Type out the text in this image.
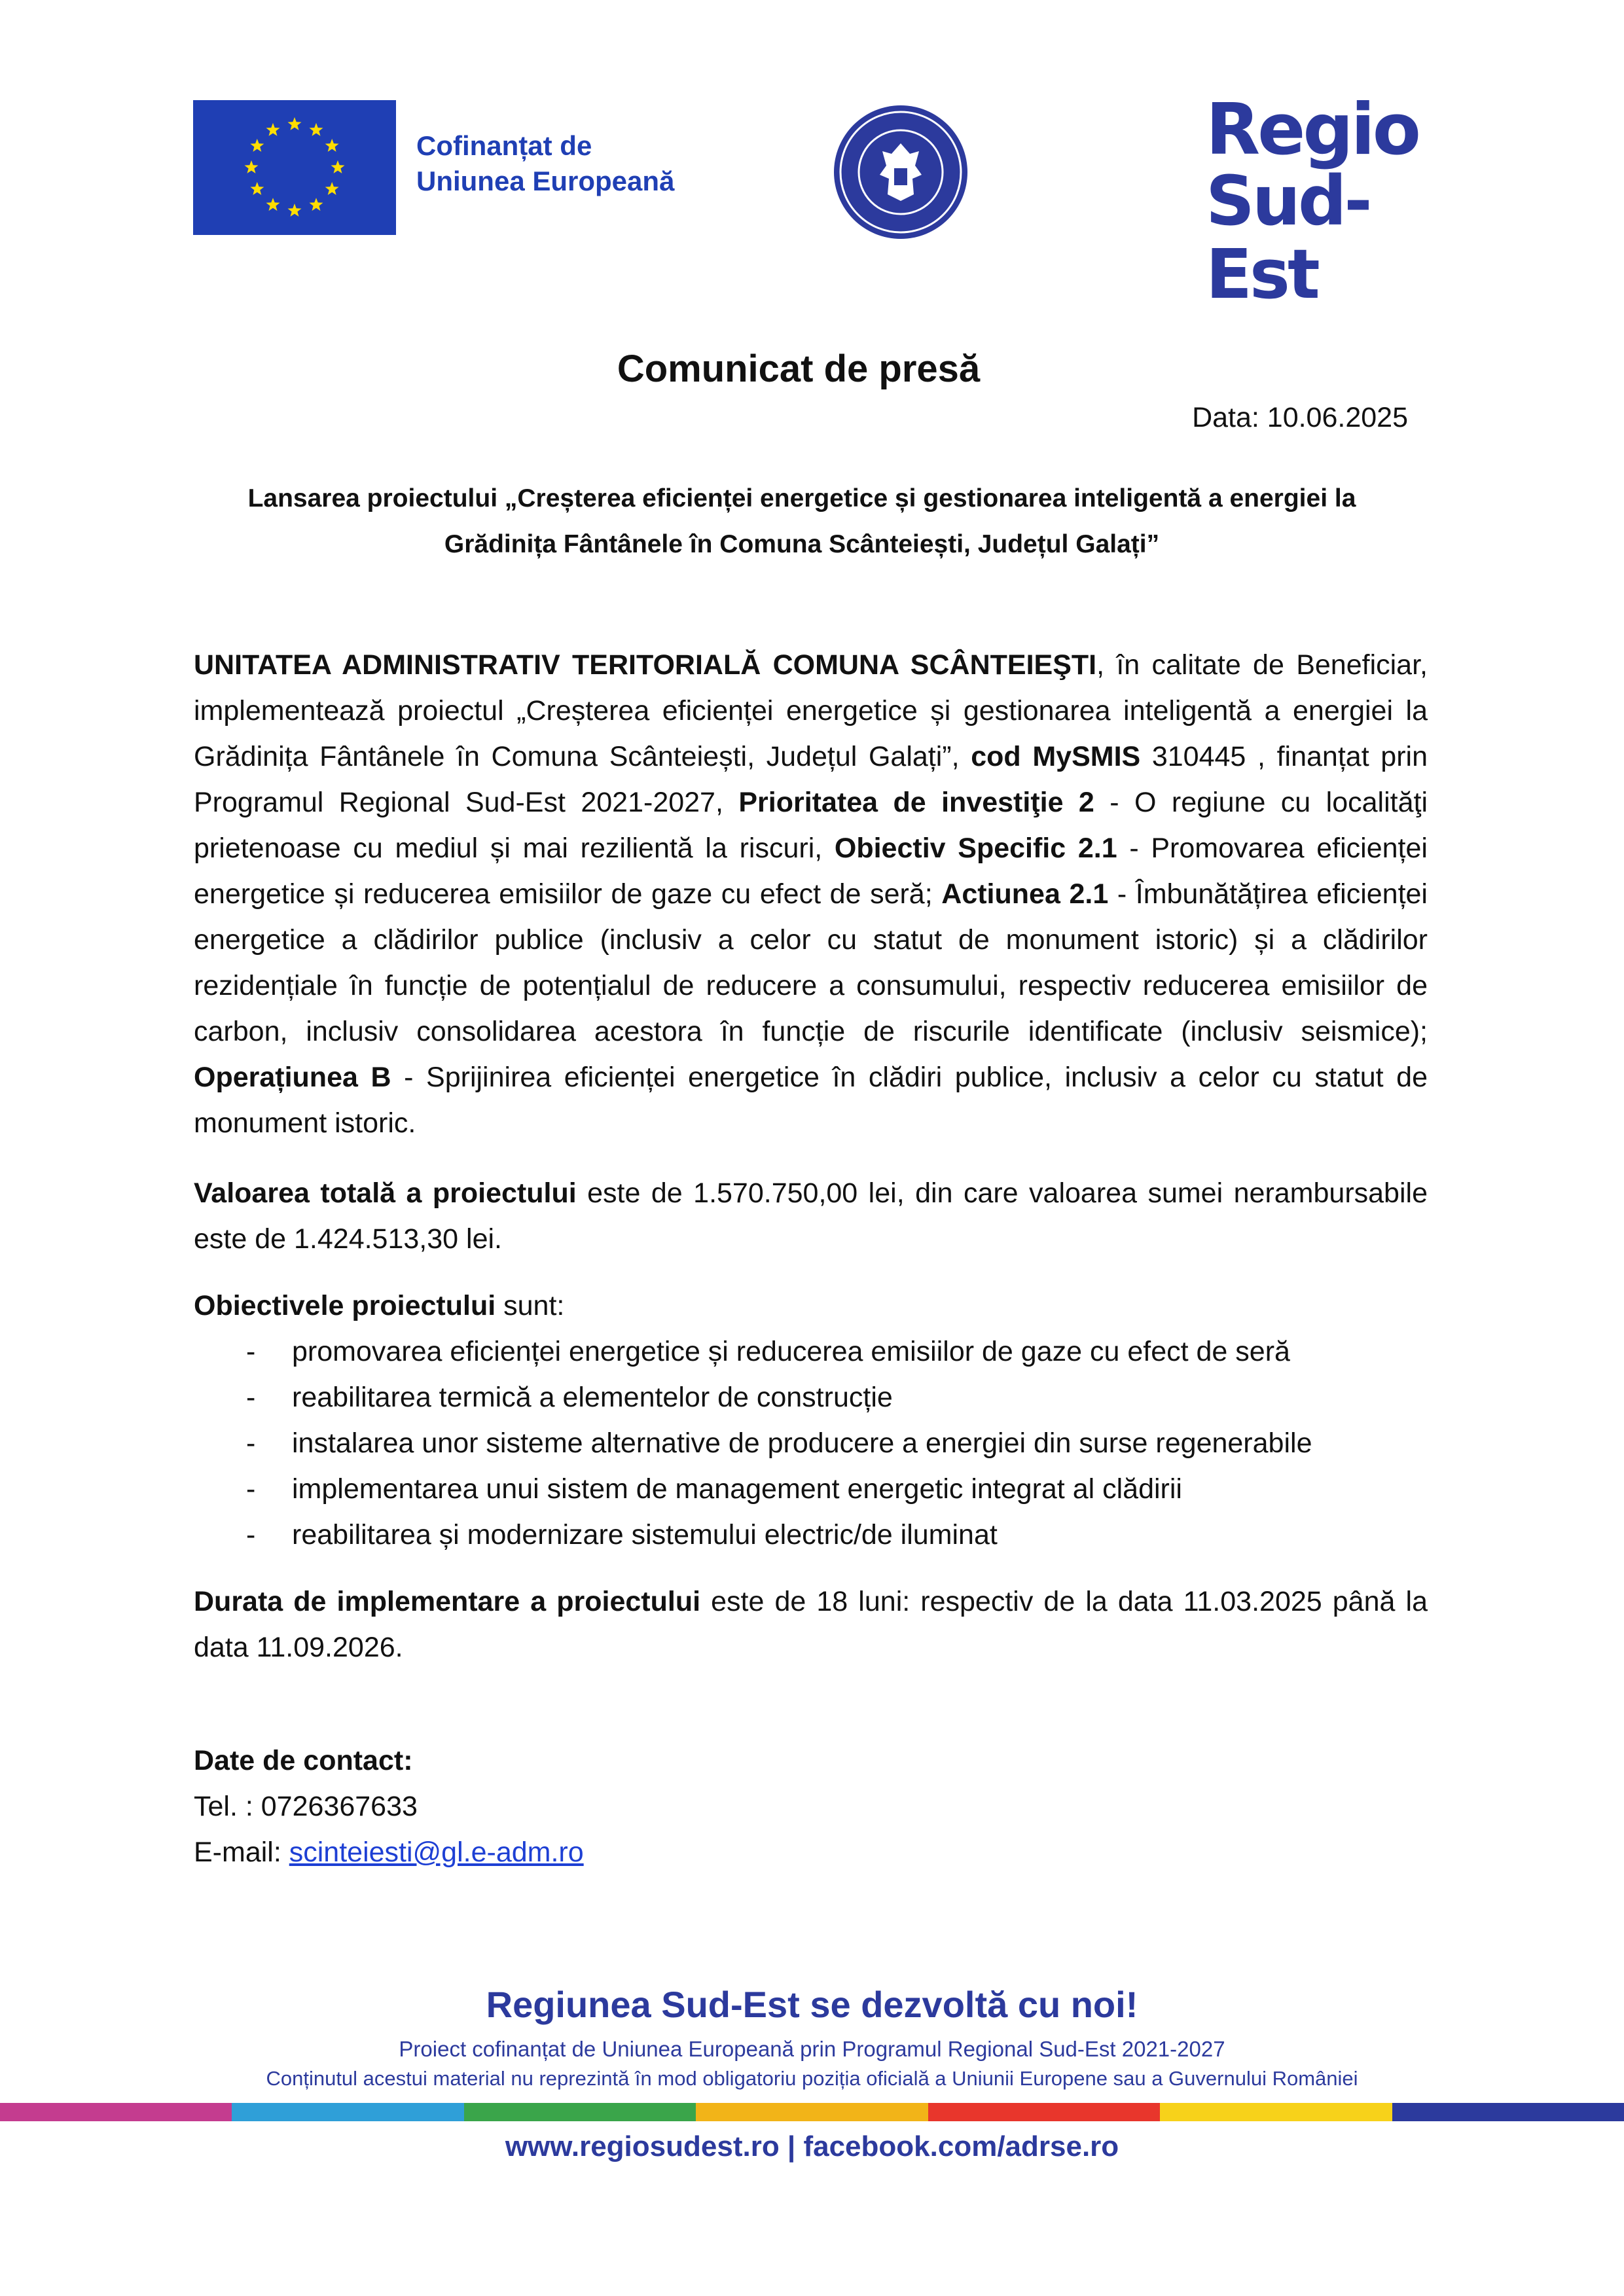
Cofinanțat de
Uniunea Europeană
Regio
Sud-Est
Comunicat de presă
Data: 10.06.2025
Lansarea proiectului „Creșterea eficienței energetice și gestionarea inteligentă a energiei la
Grădinița Fântânele în Comuna Scânteiești, Județul Galați”
UNITATEA ADMINISTRATIV TERITORIALĂ COMUNA SCÂNTEIEŞTI, în calitate de Beneficiar, implementează proiectul „Creșterea eficienței energetice și gestionarea inteligentă a energiei la Grădinița Fântânele în Comuna Scânteiești, Județul Galați”, cod MySMIS 310445 , finanțat prin Programul Regional Sud-Est 2021-2027, Prioritatea de investiţie 2 - O regiune cu localităţi prietenoase cu mediul și mai rezilientă la riscuri, Obiectiv Specific 2.1 - Promovarea eficienței energetice și reducerea emisiilor de gaze cu efect de seră; Actiunea 2.1 - Îmbunătățirea eficienței energetice a clădirilor publice (inclusiv a celor cu statut de monument istoric) și a clădirilor rezidențiale în funcție de potențialul de reducere a consumului, respectiv reducerea emisiilor de carbon, inclusiv consolidarea acestora în funcție de riscurile identificate (inclusiv seismice); Operațiunea B - Sprijinirea eficienței energetice în clădiri publice, inclusiv a celor cu statut de monument istoric.
Valoarea totală a proiectului este de 1.570.750,00 lei, din care valoarea sumei nerambursabile este de 1.424.513,30 lei.
Obiectivele proiectului sunt:
- promovarea eficienței energetice și reducerea emisiilor de gaze cu efect de seră
- reabilitarea termică a elementelor de construcție
- instalarea unor sisteme alternative de producere a energiei din surse regenerabile
- implementarea unui sistem de management energetic integrat al clădirii
- reabilitarea și modernizare sistemului electric/de iluminat
Durata de implementare a proiectului este de 18 luni: respectiv de la data 11.03.2025 până la data 11.09.2026.
Date de contact:
Tel. : 0726367633
E-mail: scinteiesti@gl.e-adm.ro
Regiunea Sud-Est se dezvoltă cu noi!
Proiect cofinanțat de Uniunea Europeană prin Programul Regional Sud-Est 2021-2027
Conținutul acestui material nu reprezintă în mod obligatoriu poziția oficială a Uniunii Europene sau a Guvernului României
www.regiosudest.ro | facebook.com/adrse.ro
